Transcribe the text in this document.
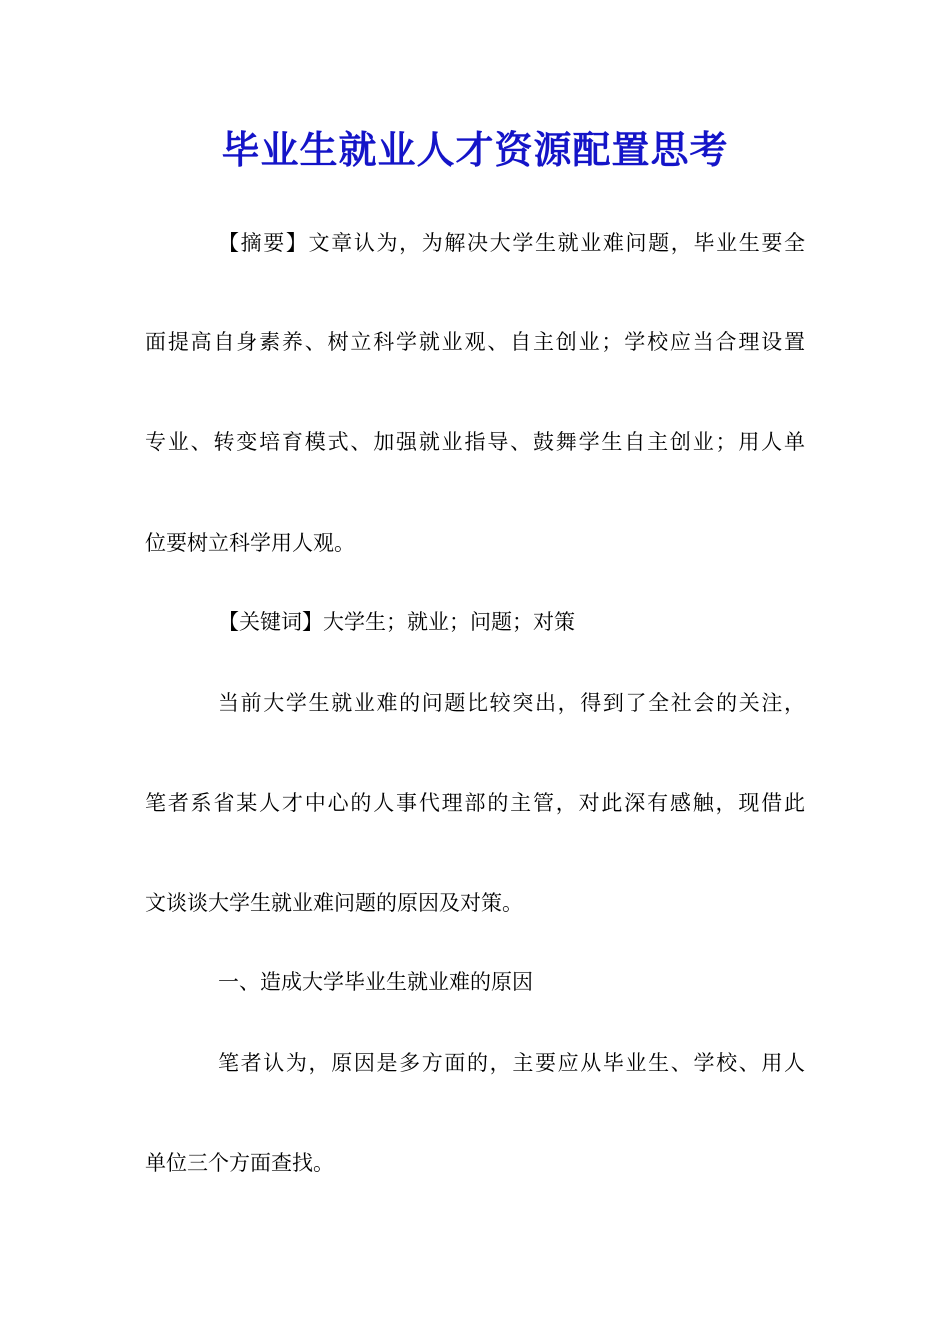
毕业生就业人才资源配置思考
【摘要】文章认为，为解决大学生就业难问题，毕业生要全
面提高自身素养、树立科学就业观、自主创业；学校应当合理设置
专业、转变培育模式、加强就业指导、鼓舞学生自主创业；用人单
位要树立科学用人观。
【关键词】大学生；就业；问题；对策
当前大学生就业难的问题比较突出，得到了全社会的关注，
笔者系省某人才中心的人事代理部的主管，对此深有感触，现借此
文谈谈大学生就业难问题的原因及对策。
一、造成大学毕业生就业难的原因
笔者认为，原因是多方面的，主要应从毕业生、学校、用人
单位三个方面查找。
